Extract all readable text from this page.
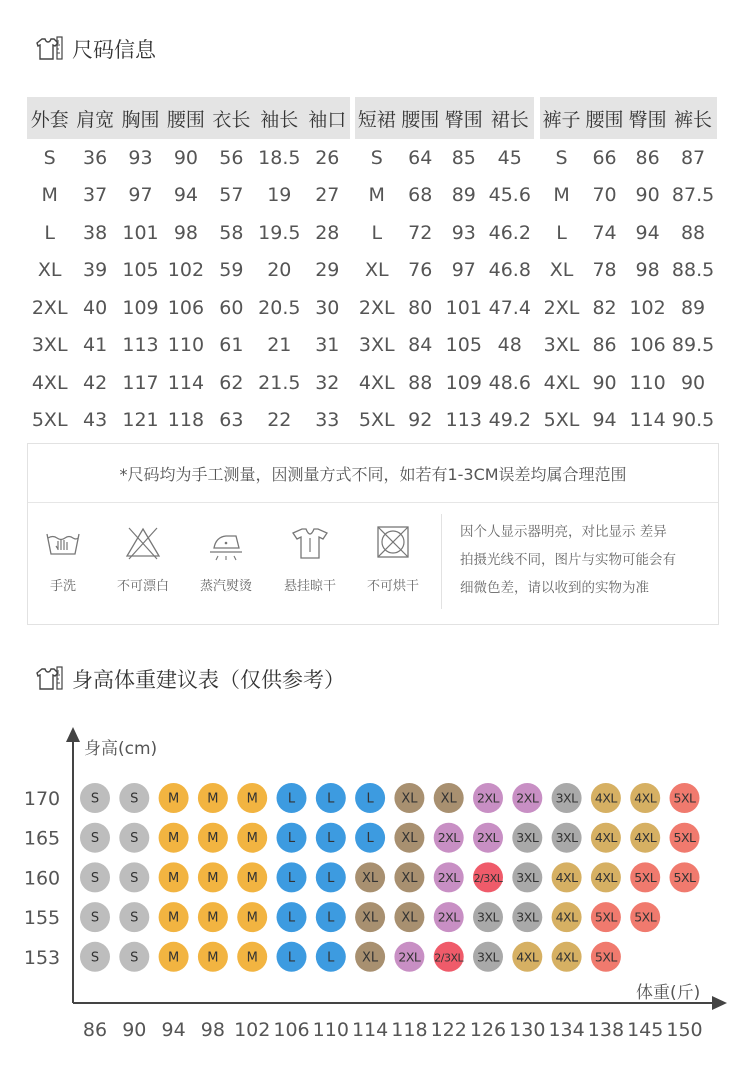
尺码信息
外套	肩宽	胸围	腰围	衣长	袖长	袖口
S	36	93	90	56	18.5	26
M	37	97	94	57	19	27
L	38	101	98	58	19.5	28
XL	39	105	102	59	20	29
2XL	40	109	106	60	20.5	30
3XL	41	113	110	61	21	31
4XL	42	117	114	62	21.5	32
5XL	43	121	118	63	22	33
短裙	腰围	臀围	裙长
S	64	85	45
M	68	89	45.6
L	72	93	46.2
XL	76	97	46.8
2XL	80	101	47.4
3XL	84	105	48
4XL	88	109	48.6
5XL	92	113	49.2
裤子	腰围	臀围	裤长
S	66	86	87
M	70	90	87.5
L	74	94	88
XL	78	98	88.5
2XL	82	102	89
3XL	86	106	89.5
4XL	90	110	90
5XL	94	114	90.5
*尺码均为手工测量，因测量方式不同，如若有1-3CM误差均属合理范围
手洗	不可漂白	蒸汽熨烫	悬挂晾干	不可烘干
因个人显示器明亮，对比显示 差异
拍摄光线不同，图片与实物可能会有
细微色差，请以收到的实物为准
身高体重建议表（仅供参考）
身高(cm)
体重(斤)
170
165
160
155
153
86 90 94 98 102 106 110 114 118 122 126 130 134 138 145 150
S S M M M L L L XL XL 2XL 2XL 3XL 4XL 4XL 5XL
S S M M M L L L XL 2XL 2XL 3XL 3XL 4XL 4XL 5XL
S S M M M L L XL XL 2XL 2/3XL 3XL 4XL 4XL 5XL 5XL
S S M M M L L XL XL 2XL 3XL 3XL 4XL 5XL 5XL
S S M M M L L XL 2XL 2/3XL 3XL 4XL 4XL 5XL
